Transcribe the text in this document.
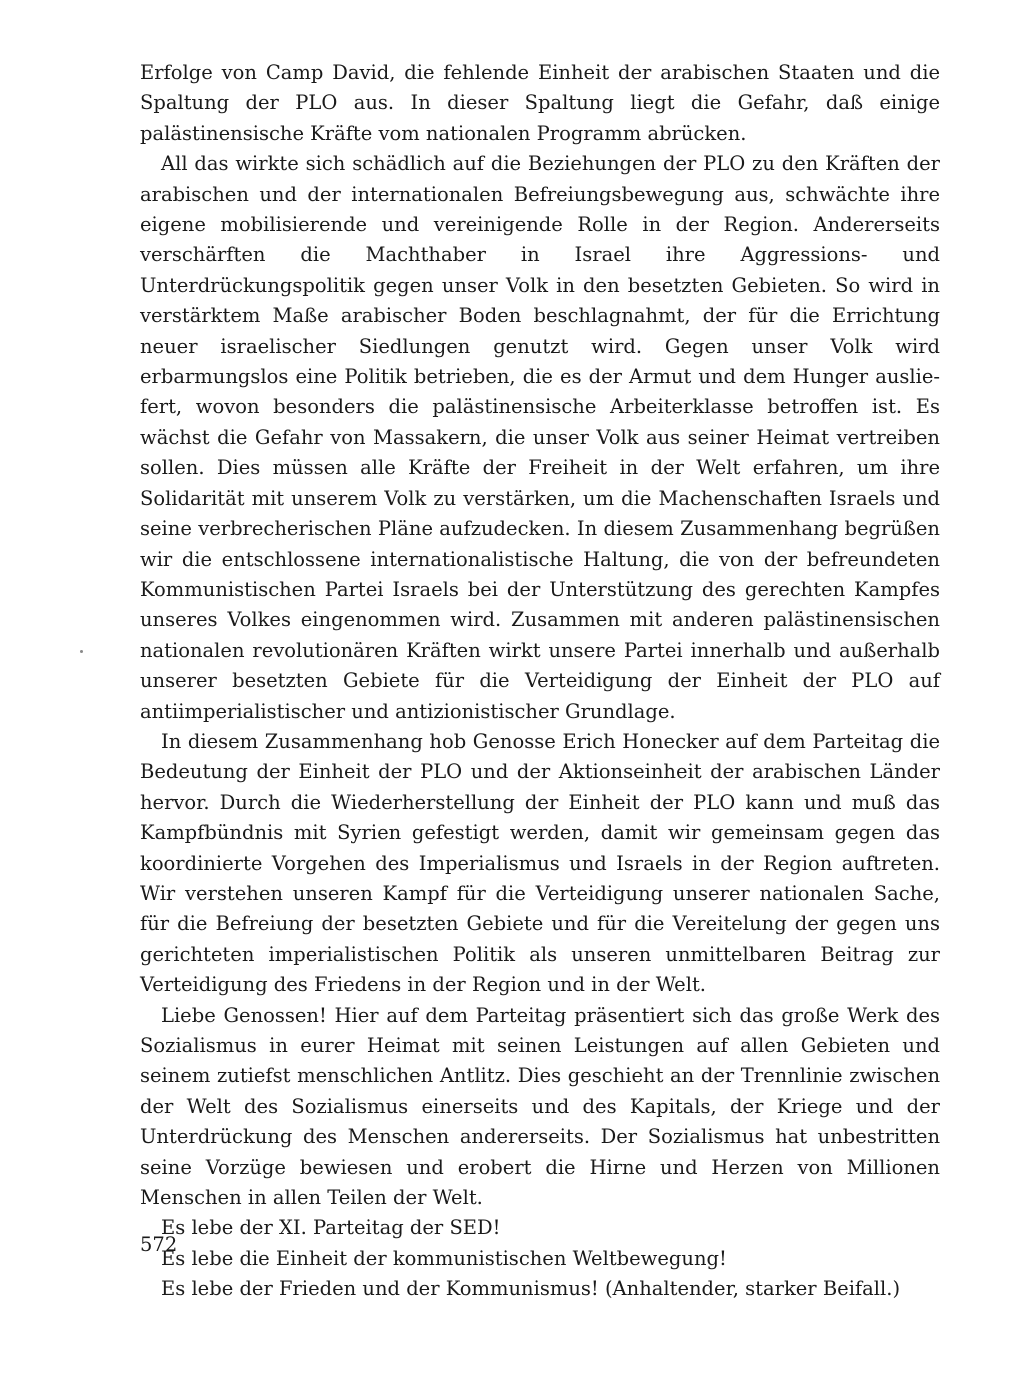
Erfolge von Camp David, die fehlende Einheit der arabischen Staaten und die Spaltung der PLO aus. In dieser Spaltung liegt die Gefahr, daß einige palästinensische Kräfte vom nationalen Programm abrücken.

All das wirkte sich schädlich auf die Beziehungen der PLO zu den Kräften der arabischen und der internationalen Befreiungsbewegung aus, schwächte ihre eigene mobilisierende und vereinigende Rolle in der Region. Andererseits verschärften die Machthaber in Israel ihre Aggressions- und Unterdrückungspolitik gegen unser Volk in den besetzten Gebieten. So wird in verstärktem Maße arabischer Boden beschlagnahmt, der für die Errichtung neuer israelischer Siedlungen genutzt wird. Gegen unser Volk wird erbarmungslos eine Politik betrieben, die es der Armut und dem Hunger ausliefert, wovon besonders die palästinensische Arbeiterklasse betroffen ist. Es wächst die Gefahr von Massakern, die unser Volk aus seiner Heimat vertreiben sollen. Dies müssen alle Kräfte der Freiheit in der Welt erfahren, um ihre Solidarität mit unserem Volk zu verstärken, um die Machenschaften Israels und seine verbrecherischen Pläne aufzudecken. In diesem Zusammenhang begrüßen wir die entschlossene internationalistische Haltung, die von der befreundeten Kommunistischen Partei Israels bei der Unterstützung des gerechten Kampfes unseres Volkes eingenommen wird. Zusammen mit anderen palästinensischen nationalen revolutionären Kräften wirkt unsere Partei innerhalb und außerhalb unserer besetzten Gebiete für die Verteidigung der Einheit der PLO auf antiimperialistischer und antizionistischer Grundlage.

In diesem Zusammenhang hob Genosse Erich Honecker auf dem Parteitag die Bedeutung der Einheit der PLO und der Aktionseinheit der arabischen Länder hervor. Durch die Wiederherstellung der Einheit der PLO kann und muß das Kampfbündnis mit Syrien gefestigt werden, damit wir gemeinsam gegen das koordinierte Vorgehen des Imperialismus und Israels in der Region auftreten. Wir verstehen unseren Kampf für die Verteidigung unserer nationalen Sache, für die Befreiung der besetzten Gebiete und für die Vereitelung der gegen uns gerichteten imperialistischen Politik als unseren unmittelbaren Beitrag zur Verteidigung des Friedens in der Region und in der Welt.

Liebe Genossen! Hier auf dem Parteitag präsentiert sich das große Werk des Sozialismus in eurer Heimat mit seinen Leistungen auf allen Gebieten und seinem zutiefst menschlichen Antlitz. Dies geschieht an der Trennlinie zwischen der Welt des Sozialismus einerseits und des Kapitals, der Kriege und der Unterdrückung des Menschen andererseits. Der Sozialismus hat unbestritten seine Vorzüge bewiesen und erobert die Hirne und Herzen von Millionen Menschen in allen Teilen der Welt.

Es lebe der XI. Parteitag der SED!

Es lebe die Einheit der kommunistischen Weltbewegung!

Es lebe der Frieden und der Kommunismus! (Anhaltender, starker Beifall.)

572
